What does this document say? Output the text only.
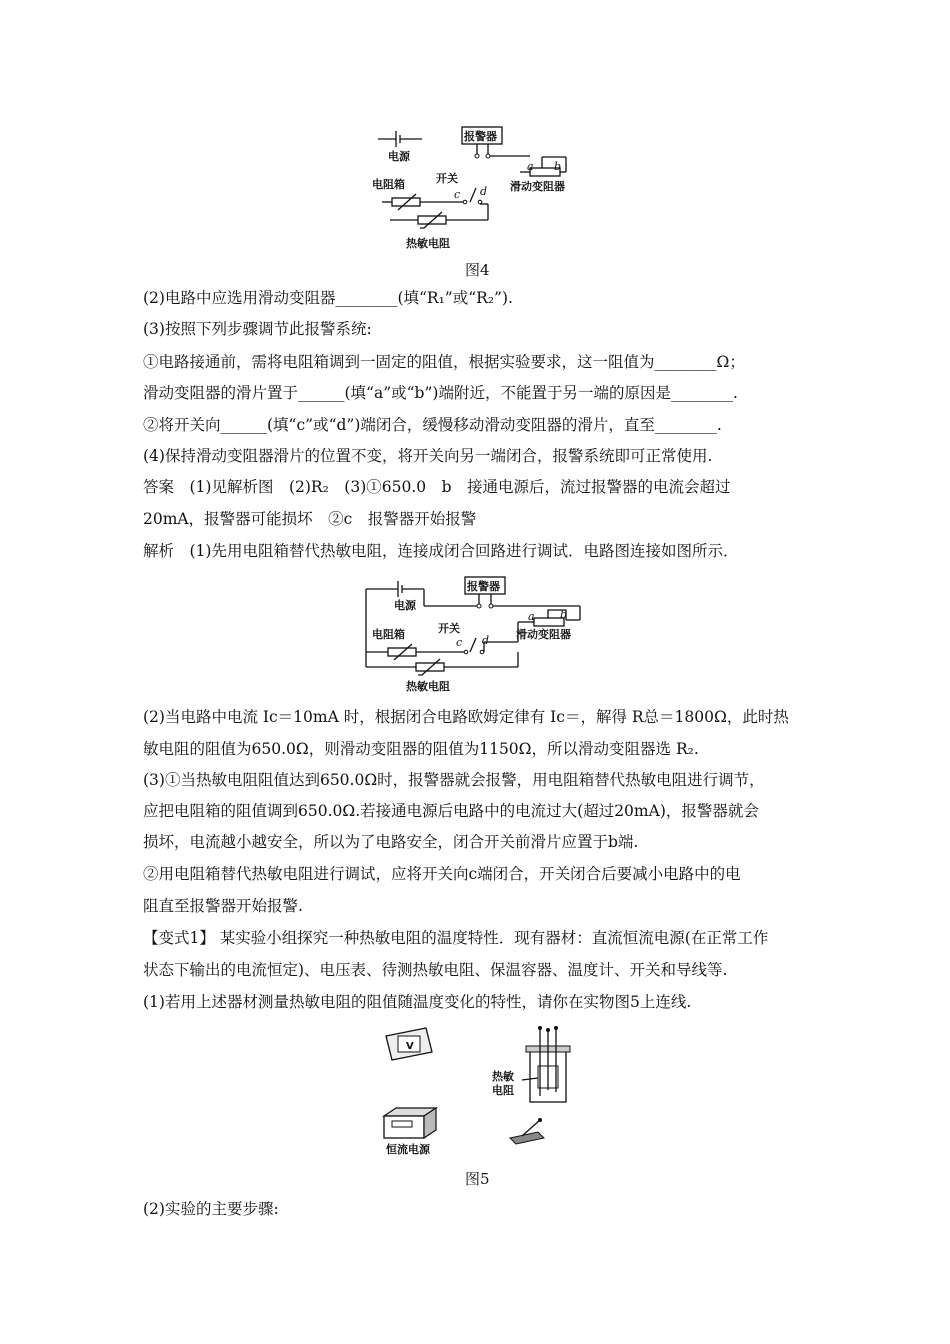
电源
报警器
a b
滑动变阻器
开关
c d
电阻箱
热敏电阻
图4
(2)电路中应选用滑动变阻器________(填“R₁”或“R₂”).
(3)按照下列步骤调节此报警系统:
①电路接通前，需将电阻箱调到一固定的阻值，根据实验要求，这一阻值为________Ω；
滑动变阻器的滑片置于______(填“a”或“b”)端附近，不能置于另一端的原因是________.
②将开关向______(填“c”或“d”)端闭合，缓慢移动滑动变阻器的滑片，直至________.
(4)保持滑动变阻器滑片的位置不变，将开关向另一端闭合，报警系统即可正常使用.
答案　(1)见解析图　(2)R₂　(3)①650.0　b　接通电源后，流过报警器的电流会超过
20mA，报警器可能损坏　②c　报警器开始报警
解析　(1)先用电阻箱替代热敏电阻，连接成闭合回路进行调试．电路图连接如图所示．
电源
报警器
a b
滑动变阻器
开关
c d
电阻箱
热敏电阻
(2)当电路中电流 Ic＝10mA 时，根据闭合电路欧姆定律有 Ic＝，解得 R总＝1800Ω，此时热
敏电阻的阻值为650.0Ω，则滑动变阻器的阻值为1150Ω，所以滑动变阻器选 R₂.
(3)①当热敏电阻阻值达到650.0Ω时，报警器就会报警，用电阻箱替代热敏电阻进行调节，
应把电阻箱的阻值调到650.0Ω.若接通电源后电路中的电流过大(超过20mA)，报警器就会
损坏，电流越小越安全，所以为了电路安全，闭合开关前滑片应置于b端.
②用电阻箱替代热敏电阻进行调试，应将开关向c端闭合，开关闭合后要减小电路中的电
阻直至报警器开始报警.
【变式1】 某实验小组探究一种热敏电阻的温度特性．现有器材：直流恒流电源(在正常工作
状态下输出的电流恒定)、电压表、待测热敏电阻、保温容器、温度计、开关和导线等.
(1)若用上述器材测量热敏电阻的阻值随温度变化的特性，请你在实物图5上连线.
V
热敏
电阻
恒流电源
图5
(2)实验的主要步骤:
